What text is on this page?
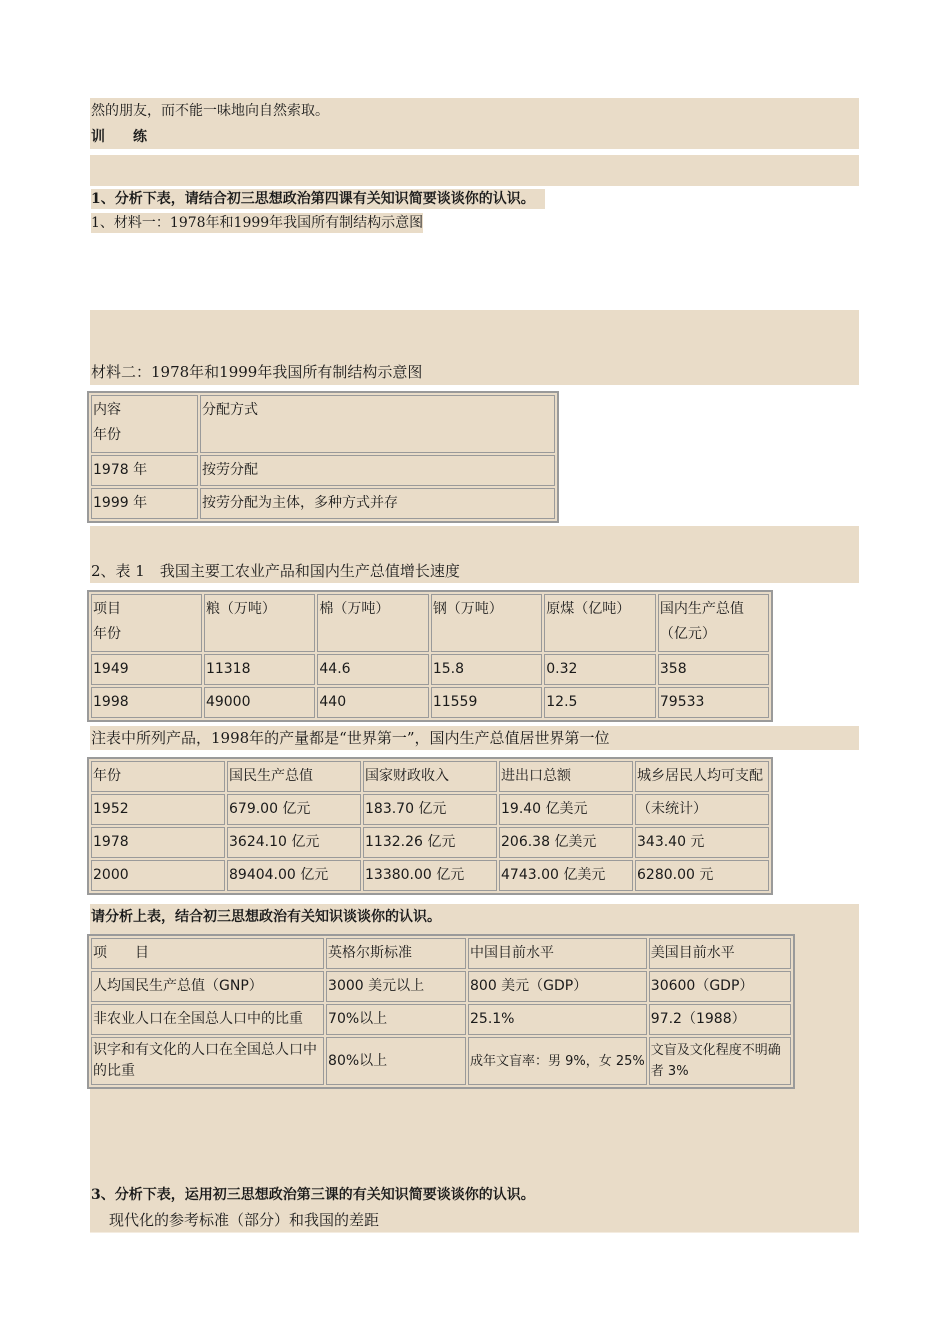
然的朋友，而不能一味地向自然索取。
训　　练
1、分析下表，请结合初三思想政治第四课有关知识简要谈谈你的认识。
1、材料一：1978年和1999年我国所有制结构示意图
材料二：1978年和1999年我国所有制结构示意图
内容
年份	分配方式
1978 年	按劳分配
1999 年	按劳分配为主体，多种方式并存
2、表 1　我国主要工农业产品和国内生产总值增长速度
项目
年份	粮（万吨）	棉（万吨）	钢（万吨）	原煤（亿吨）	国内生产总值（亿元）
1949	11318	44.6	15.8	0.32	358
1998	49000	440	11559	12.5	79533
注表中所列产品，1998年的产量都是“世界第一”，国内生产总值居世界第一位
年份	国民生产总值	国家财政收入	进出口总额	城乡居民人均可支配
1952	679.00 亿元	183.70 亿元	19.40 亿美元	（未统计）
1978	3624.10 亿元	1132.26 亿元	206.38 亿美元	343.40 元
2000	89404.00 亿元	13380.00 亿元	4743.00 亿美元	6280.00 元
请分析上表，结合初三思想政治有关知识谈谈你的认识。
项　　目	英格尔斯标准	中国目前水平	美国目前水平
人均国民生产总值（GNP）	3000 美元以上	800 美元（GDP）	30600（GDP）
非农业人口在全国总人口中的比重	70%以上	25.1%	97.2（1988）
识字和有文化的人口在全国总人口中的比重	80%以上	成年文盲率：男 9%，女 25%	文盲及文化程度不明确者 3%
3、分析下表，运用初三思想政治第三课的有关知识简要谈谈你的认识。
现代化的参考标准（部分）和我国的差距
